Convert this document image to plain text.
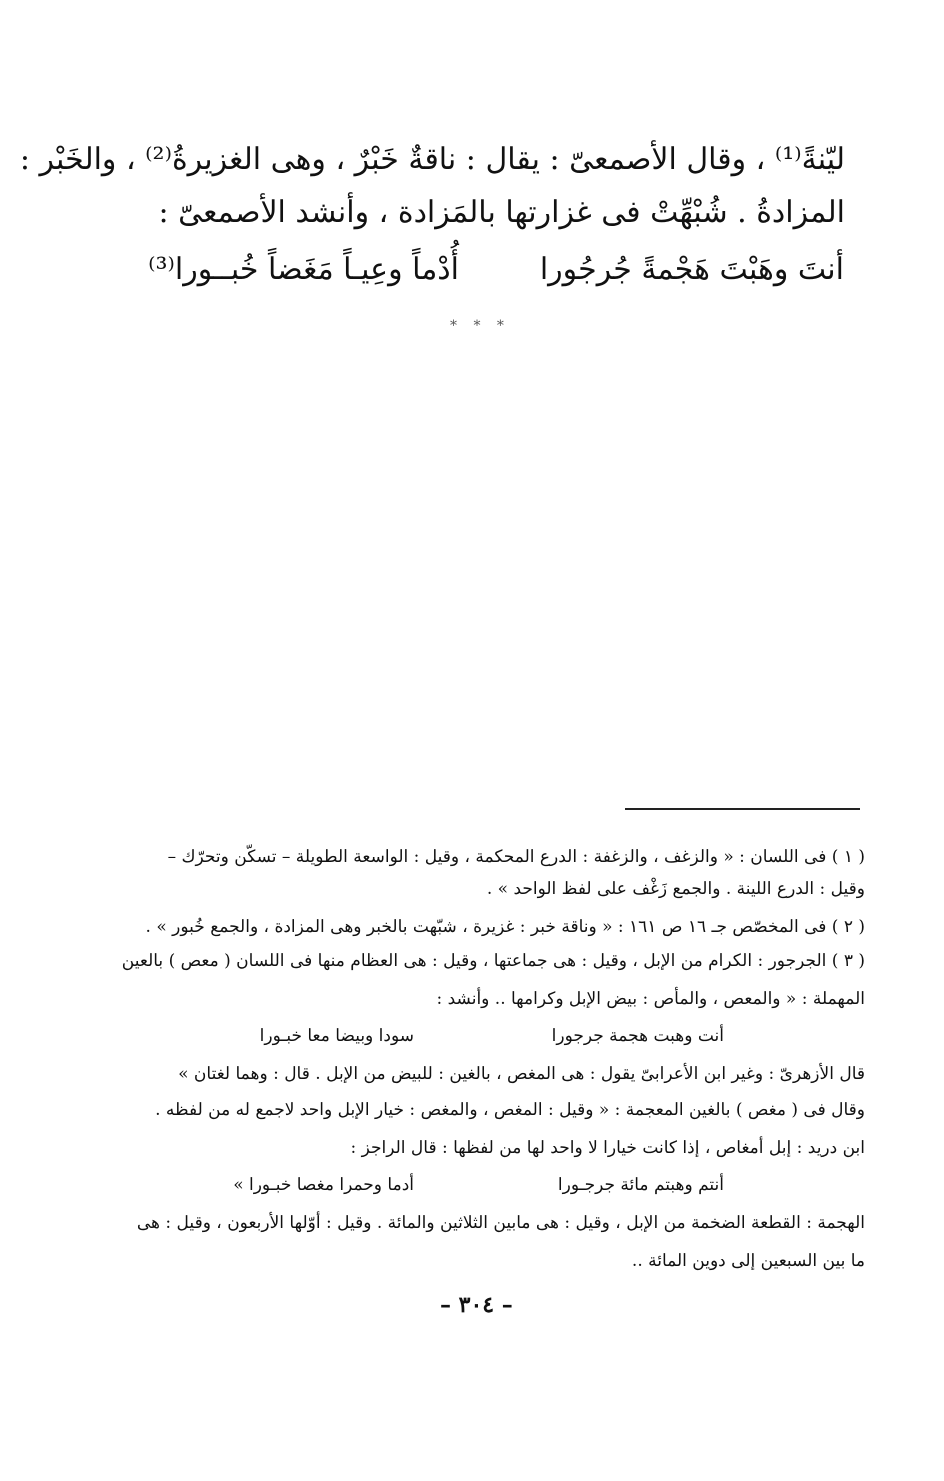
ليّنةً⁽¹⁾ ، وقال الأصمعىّ : يقال : ناقةٌ خَبْرٌ ، وهى الغزيرةُ⁽²⁾ ، والخَبْر :
المزادةُ . شُبْهِّتْ فى غزارتها بالمَزادة ، وأنشد الأصمعىّ :
أنتَ وهَبْتَ هَجْمةً جُرجُورا
أُدْماً وعِيـاً مَغَضاً خُبــورا⁽³⁾
* * *
( ١ ) فى اللسان : « والزغف ، والزغفة : الدرع المحكمة ، وقيل : الواسعة الطويلة – تسكّن وتحرّك –
وقيل : الدرع اللينة . والجمع زَغْف على لفظ الواحد » .
( ٢ ) فى المخصّص جـ ١٦ ص ١٦١ : « وناقة خبر : غزيرة ، شبّهت بالخبر وهى المزادة ، والجمع خُبور » .
( ٣ ) الجرجور : الكرام من الإبل ، وقيل : هى جماعتها ، وقيل : هى العظام منها فى اللسان ( معص ) بالعين
المهملة : « والمعص ، والمأص : بيض الإبل وكرامها .. وأنشد :
أنت وهبت هجمة جرجورا
سودا وبيضا معا خبـورا
قال الأزهرىّ : وغير ابن الأعرابىّ يقول : هى المغص ، بالغين : للبيض من الإبل . قال : وهما لغتان »
وقال فى ( مغص ) بالغين المعجمة : « وقيل : المغص ، والمغص : خيار الإبل واحد لاجمع له من لفظه .
ابن دريد : إبل أمغاص ، إذا كانت خيارا لا واحد لها من لفظها : قال الراجز :
أنتم وهبتم مائة جرجـورا
أدما وحمرا مغصا خبـورا »
الهجمة : القطعة الضخمة من الإبل ، وقيل : هى مابين الثلاثين والمائة . وقيل : أوّلها الأربعون ، وقيل : هى
ما بين السبعين إلى دوين المائة ..
– ٣٠٤ –
